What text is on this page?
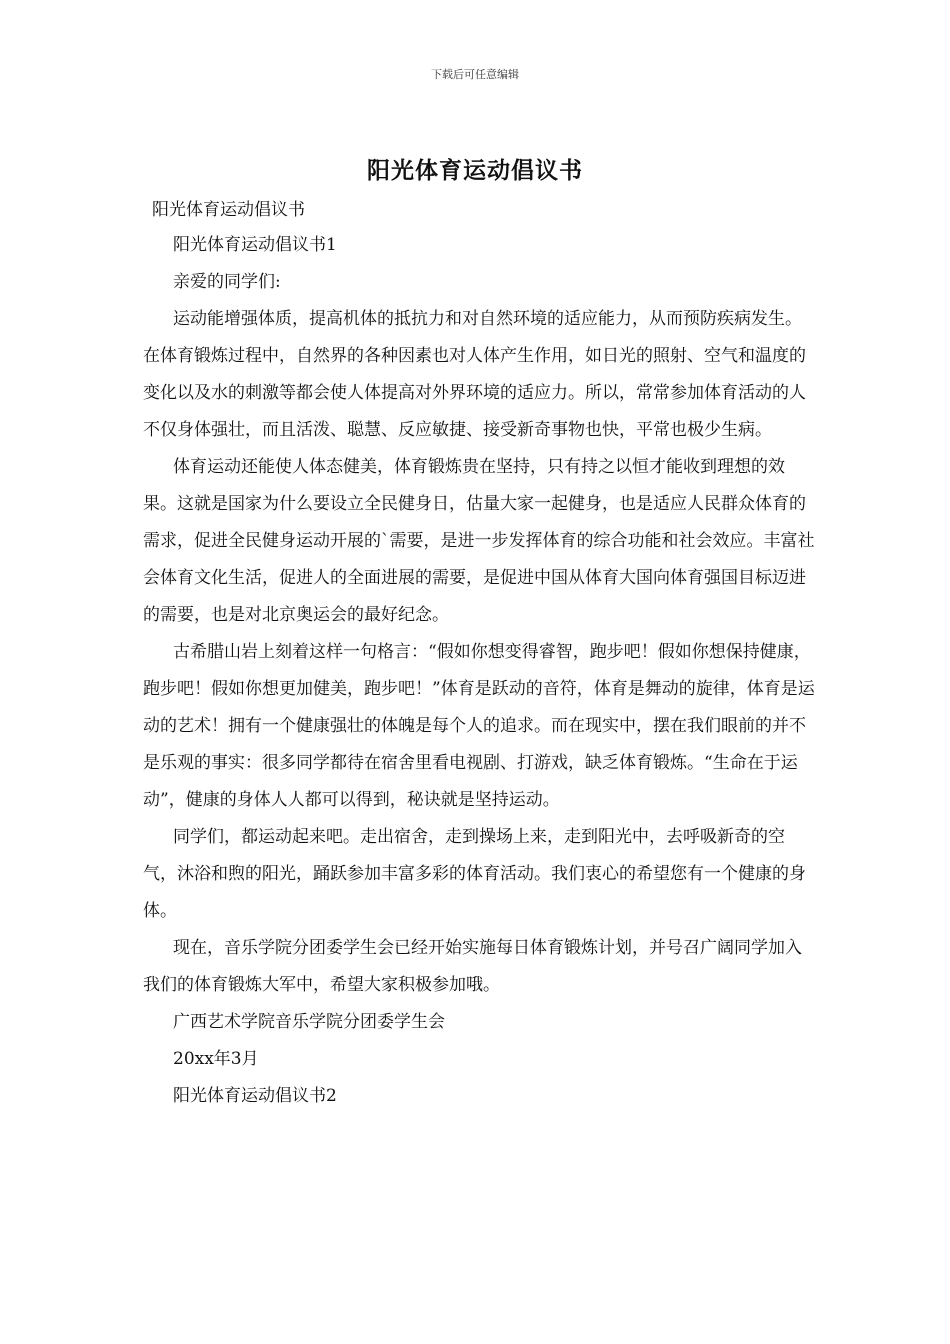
下载后可任意编辑
阳光体育运动倡议书
阳光体育运动倡议书

阳光体育运动倡议书1

亲爱的同学们:

运动能增强体质，提高机体的抵抗力和对自然环境的适应能力，从而预防疾病发生。在体育锻炼过程中，自然界的各种因素也对人体产生作用，如日光的照射、空气和温度的变化以及水的刺激等都会使人体提高对外界环境的适应力。所以，常常参加体育活动的人不仅身体强壮，而且活泼、聪慧、反应敏捷、接受新奇事物也快，平常也极少生病。

体育运动还能使人体态健美，体育锻炼贵在坚持，只有持之以恒才能收到理想的效果。这就是国家为什么要设立全民健身日，估量大家一起健身，也是适应人民群众体育的需求，促进全民健身运动开展的`需要，是进一步发挥体育的综合功能和社会效应。丰富社会体育文化生活，促进人的全面进展的需要，是促进中国从体育大国向体育强国目标迈进的需要，也是对北京奥运会的最好纪念。

古希腊山岩上刻着这样一句格言：“假如你想变得睿智，跑步吧！假如你想保持健康，跑步吧！假如你想更加健美，跑步吧！”体育是跃动的音符，体育是舞动的旋律，体育是运动的艺术！拥有一个健康强壮的体魄是每个人的追求。而在现实中，摆在我们眼前的并不是乐观的事实：很多同学都待在宿舍里看电视剧、打游戏，缺乏体育锻炼。“生命在于运动”，健康的身体人人都可以得到，秘诀就是坚持运动。

同学们，都运动起来吧。走出宿舍，走到操场上来，走到阳光中，去呼吸新奇的空气，沐浴和煦的阳光，踊跃参加丰富多彩的体育活动。我们衷心的希望您有一个健康的身体。

现在，音乐学院分团委学生会已经开始实施每日体育锻炼计划，并号召广阔同学加入我们的体育锻炼大军中，希望大家积极参加哦。

广西艺术学院音乐学院分团委学生会

20xx年3月

阳光体育运动倡议书2
